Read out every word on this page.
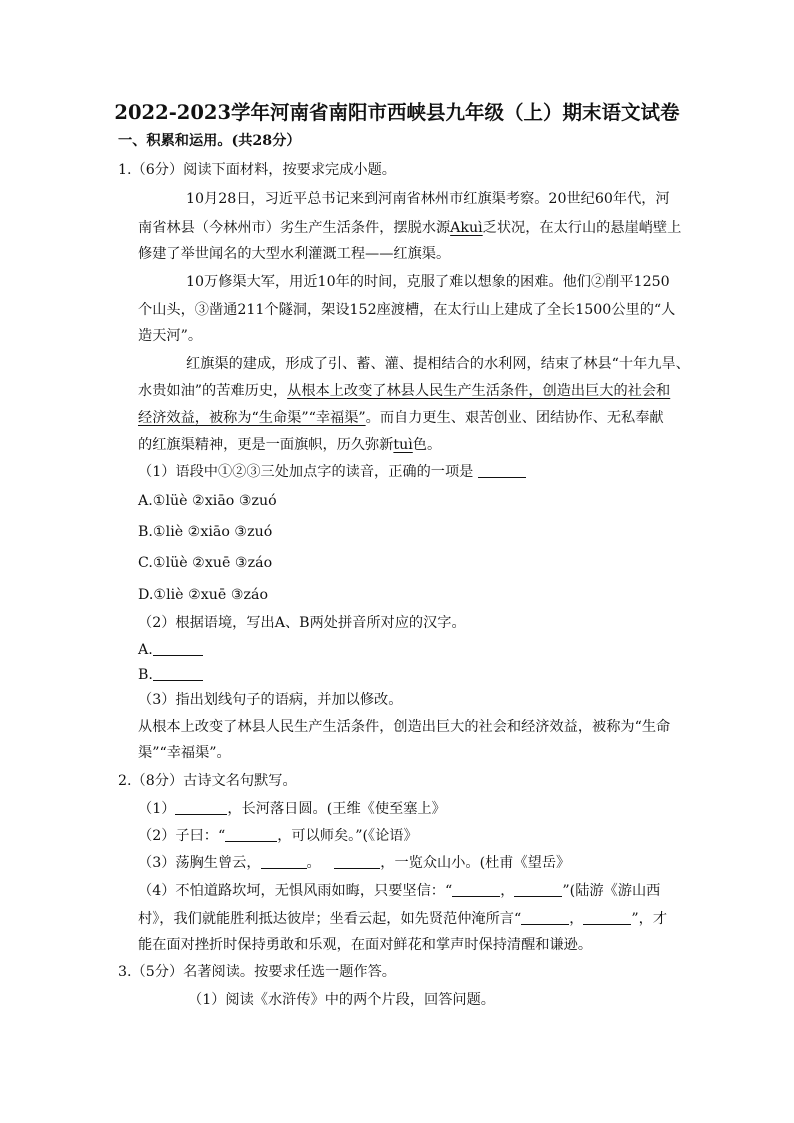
2022-2023学年河南省南阳市西峡县九年级（上）期末语文试卷
一、积累和运用。(共28分）
1.（6分）阅读下面材料，按要求完成小题。
10月28日，习近平总书记来到河南省林州市红旗渠考察。20世纪60年代，河
南省林县（今林州市）劣生产生活条件，摆脱水源Akuì乏状况，在太行山的悬崖峭壁上
修建了举世闻名的大型水利灌溉工程——红旗渠。
10万修渠大军，用近10年的时间，克服了难以想象的困难。他们②削平1250
个山头，③凿通211个隧洞，架设152座渡槽，在太行山上建成了全长1500公里的“人
造天河”。
红旗渠的建成，形成了引、蓄、灌、提相结合的水利网，结束了林县“十年九旱、
水贵如油”的苦难历史，从根本上改变了林县人民生产生活条件，创造出巨大的社会和
经济效益，被称为“生命渠”“幸福渠”。而自力更生、艰苦创业、团结协作、无私奉献
的红旗渠精神，更是一面旗帜，历久弥新tuì色。
（1）语段中①②③三处加点字的读音，正确的一项是
A.①lüè ②xiāo ③zuó
B.①liè ②xiāo ③zuó
C.①lüè ②xuē ③záo
D.①liè ②xuē ③záo
（2）根据语境，写出A、B两处拼音所对应的汉字。
A.
B.
（3）指出划线句子的语病，并加以修改。
从根本上改变了林县人民生产生活条件，创造出巨大的社会和经济效益，被称为“生命
渠”“幸福渠”。
2.（8分）古诗文名句默写。
（1）	，长河落日圆。(王维《使至塞上》
（2）子曰：“	，可以师矣。”(《论语》
（3）荡胸生曾云，	。	，一览众山小。(杜甫《望岳》
（4）不怕道路坎坷，无惧风雨如晦，只要坚信：“	，	”(陆游《游山西
村》，我们就能胜利抵达彼岸；坐看云起，如先贤范仲淹所言“	，	”，才
能在面对挫折时保持勇敢和乐观，在面对鲜花和掌声时保持清醒和谦逊。
3.（5分）名著阅读。按要求任选一题作答。
（1）阅读《水浒传》中的两个片段，回答问题。
